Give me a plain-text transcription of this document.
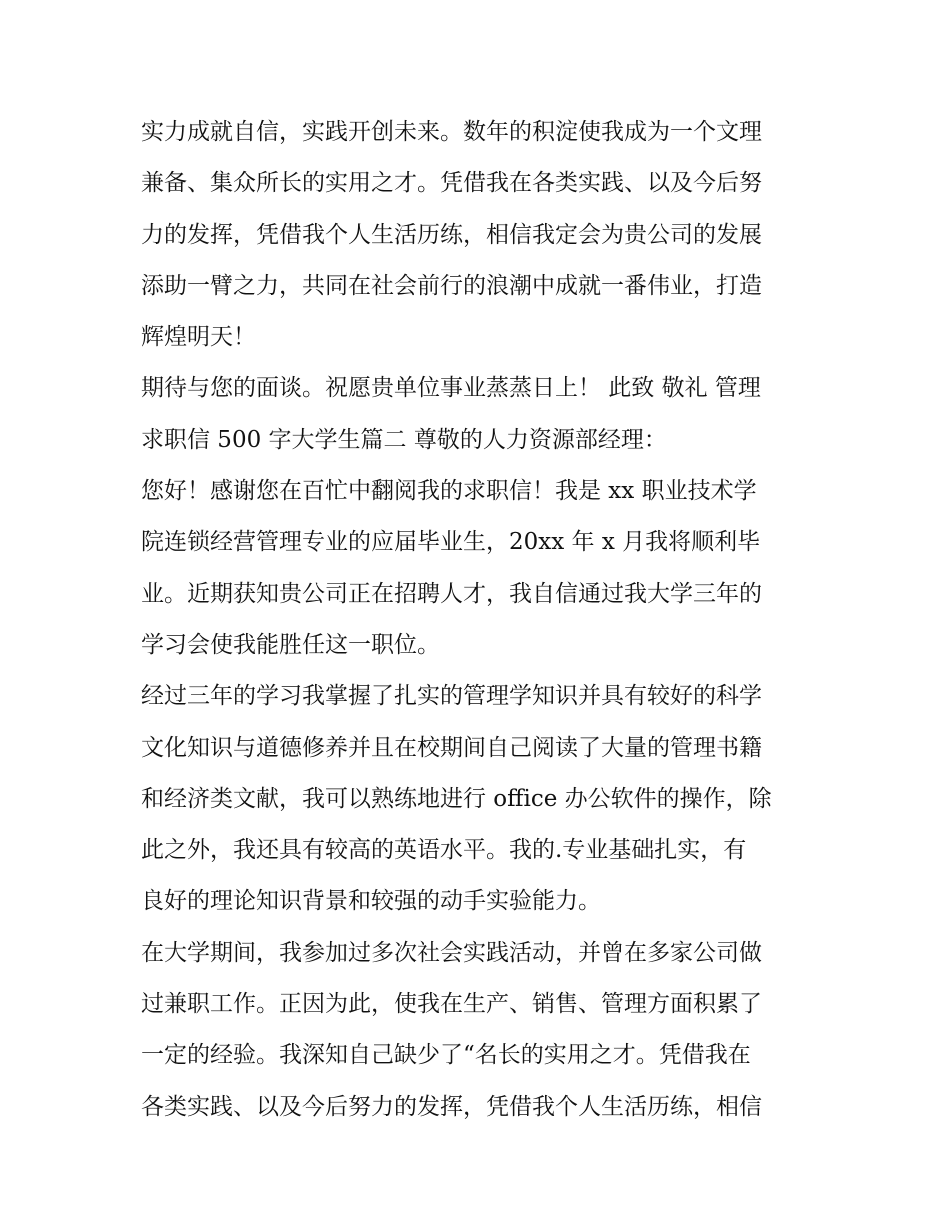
实力成就自信，实践开创未来。数年的积淀使我成为一个文理
兼备、集众所长的实用之才。凭借我在各类实践、以及今后努
力的发挥，凭借我个人生活历练，相信我定会为贵公司的发展
添助一臂之力，共同在社会前行的浪潮中成就一番伟业，打造
辉煌明天！
期待与您的面谈。祝愿贵单位事业蒸蒸日上！ 此致 敬礼 管理
求职信 500 字大学生篇二 尊敬的人力资源部经理：
您好！感谢您在百忙中翻阅我的求职信！我是 xx 职业技术学
院连锁经营管理专业的应届毕业生，20xx 年 x 月我将顺利毕
业。近期获知贵公司正在招聘人才，我自信通过我大学三年的
学习会使我能胜任这一职位。
经过三年的学习我掌握了扎实的管理学知识并具有较好的科学
文化知识与道德修养并且在校期间自己阅读了大量的管理书籍
和经济类文献，我可以熟练地进行 office 办公软件的操作，除
此之外，我还具有较高的英语水平。我的.专业基础扎实，有
良好的理论知识背景和较强的动手实验能力。
在大学期间，我参加过多次社会实践活动，并曾在多家公司做
过兼职工作。正因为此，使我在生产、销售、管理方面积累了
一定的经验。我深知自己缺少了“名长的实用之才。凭借我在
各类实践、以及今后努力的发挥，凭借我个人生活历练，相信
